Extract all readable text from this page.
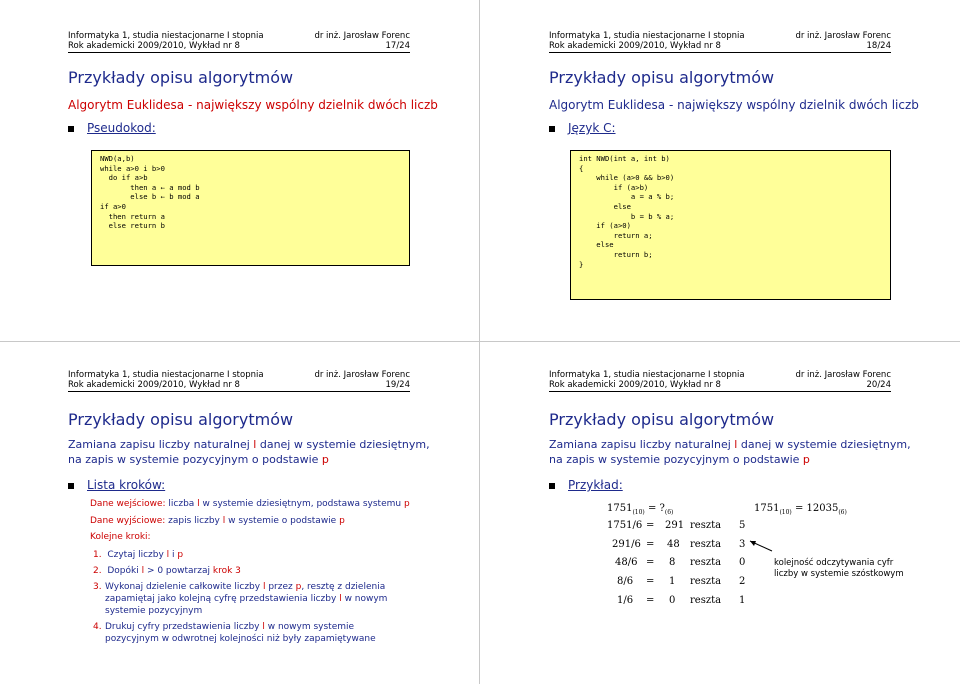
Informatyka 1, studia niestacjonarne I stopnia
Rok akademicki 2009/2010, Wykład nr 8
dr inż. Jarosław Forenc
17/24
Przykłady opisu algorytmów
Algorytm Euklidesa - największy wspólny dzielnik dwóch liczb
Pseudokod:
NWD(a,b)
while a>0 i b>0
do if a>b
then a ← a mod b
else b ← b mod a
if a>0
then return a
else return b
Informatyka 1, studia niestacjonarne I stopnia
Rok akademicki 2009/2010, Wykład nr 8
dr inż. Jarosław Forenc
18/24
Przykłady opisu algorytmów
Algorytm Euklidesa - największy wspólny dzielnik dwóch liczb
Język C:
int NWD(int a, int b)
{
while (a>0 && b>0)
if (a>b)
a = a % b;
else
b = b % a;
if (a>0)
return a;
else
return b;
}
Informatyka 1, studia niestacjonarne I stopnia
Rok akademicki 2009/2010, Wykład nr 8
dr inż. Jarosław Forenc
19/24
Przykłady opisu algorytmów
Zamiana zapisu liczby naturalnej l danej w systemie dziesiętnym,
na zapis w systemie pozycyjnym o podstawie p
Lista kroków:
Dane wejściowe: liczba l w systemie dziesiętnym, podstawa systemu p
Dane wyjściowe: zapis liczby l w systemie o podstawie p
Kolejne kroki:
1. Czytaj liczby l i p
2. Dopóki l > 0 powtarzaj krok 3
3. Wykonaj dzielenie całkowite liczby l przez p, resztę z dzielenia
zapamiętaj jako kolejną cyfrę przedstawienia liczby l w nowym
systemie pozycyjnym
4. Drukuj cyfry przedstawienia liczby l w nowym systemie
pozycyjnym w odwrotnej kolejności niż były zapamiętywane
Informatyka 1, studia niestacjonarne I stopnia
Rok akademicki 2009/2010, Wykład nr 8
dr inż. Jarosław Forenc
20/24
Przykłady opisu algorytmów
Zamiana zapisu liczby naturalnej l danej w systemie dziesiętnym,
na zapis w systemie pozycyjnym o podstawie p
Przykład:
$1751_{(10)}$ = $?_{(6)}$	$1751_{(10)} = 12035_{(6)}$
1751/6 = 291 reszta 5
291/6 = 48 reszta 3
48/6 = 8 reszta 0
8/6 = 1 reszta 2
1/6 = 0 reszta 1
kolejność odczytywania cyfr liczby w systemie szóstkowym
